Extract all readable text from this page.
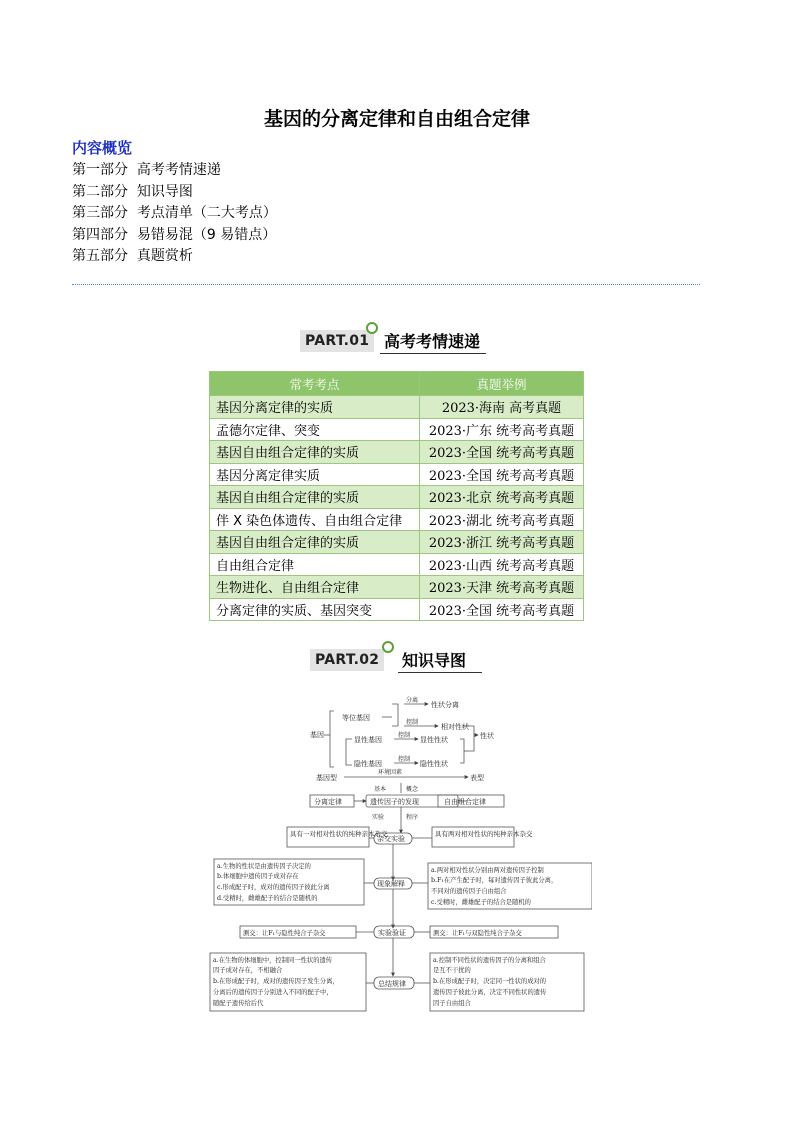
基因的分离定律和自由组合定律
内容概览
第一部分  高考考情速递
第二部分  知识导图
第三部分  考点清单（二大考点）
第四部分  易错易混（9 易错点）
第五部分  真题赏析
PART.01 高考考情速递
常考考点	真题举例
基因分离定律的实质	2023·海南 高考真题
孟德尔定律、突变	2023·广东 统考高考真题
基因自由组合定律的实质	2023·全国 统考高考真题
基因分离定律实质	2023·全国 统考高考真题
基因自由组合定律的实质	2023·北京 统考高考真题
伴 X 染色体遗传、自由组合定律	2023·湖北 统考高考真题
基因自由组合定律的实质	2023·浙江 统考高考真题
自由组合定律	2023·山西 统考高考真题
生物进化、自由组合定律	2023·天津 统考高考真题
分离定律的实质、基因突变	2023·全国 统考高考真题
PART.02	知识导图
基因
等位基因
分离
性状分离
控制
相对性状
显性基因
控制
显性性状
隐性基因
控制
隐性性状
性状
基因型	表型
环境因素
基本	概念
分离定律	遗传因子的发现	自由组合定律
实验	程序
具有一对相对性状的纯种亲本杂交
杂交实验
具有两对相对性状的纯种亲本杂交
a.生物的性状是由遗传因子决定的
b.体细胞中遗传因子成对存在
c.形成配子时，成对的遗传因子彼此分离
d.受精时，雌雄配子的结合是随机的
现象解释
a.两对相对性状分别由两对遗传因子控制
b.F₁在产生配子时，每对遗传因子彼此分离，
不同对的遗传因子自由组合
c.受精时，雌雄配子的结合是随机的
测交：让F₁与隐性纯合子杂交	实验验证	测交：让F₁与双隐性纯合子杂交
a.在生物的体细胞中，控制同一性状的遗传
因子成对存在，不相融合
b.在形成配子时，成对的遗传因子发生分离，
分离后的遗传因子分别进入不同的配子中，
随配子遗传给后代
总结规律
a.控制不同性状的遗传因子的分离和组合
是互不干扰的
b.在形成配子时，决定同一性状的成对的
遗传因子彼此分离，决定不同性状的遗传
因子自由组合
